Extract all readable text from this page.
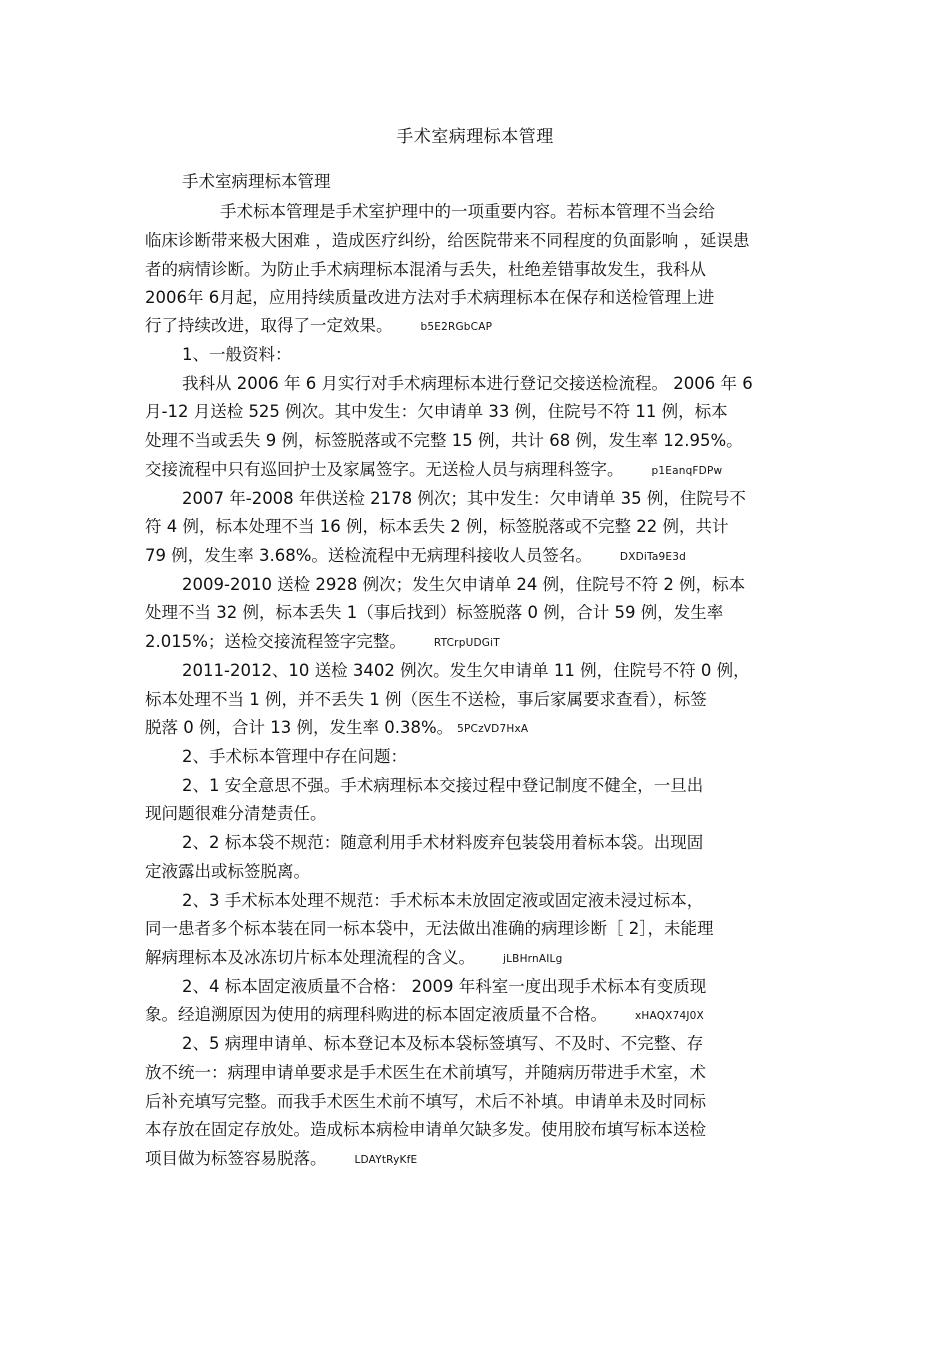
手术室病理标本管理
手术室病理标本管理
手术标本管理是手术室护理中的一项重要内容。若标本管理不当会给
临床诊断带来极大困难 ，造成医疗纠纷，给医院带来不同程度的负面影响 ，延误患
者的病情诊断。为防止手术病理标本混淆与丢失，杜绝差错事故发生，我科从
2006年 6月起，应用持续质量改进方法对手术病理标本在保存和送检管理上进
行了持续改进，取得了一定效果。	b5E2RGbCAP
1、一般资料：
我科从 2006 年 6 月实行对手术病理标本进行登记交接送检流程。 2006 年 6
月-12 月送检 525 例次。其中发生：欠申请单 33 例，住院号不符 11 例，标本
处理不当或丢失 9 例，标签脱落或不完整 15 例，共计 68 例，发生率 12.95%。
交接流程中只有巡回护士及家属签字。无送检人员与病理科签字。	p1EanqFDPw
2007 年-2008 年供送检 2178 例次；其中发生：欠申请单 35 例，住院号不
符 4 例，标本处理不当 16 例，标本丢失 2 例，标签脱落或不完整 22 例，共计
79 例，发生率 3.68%。送检流程中无病理科接收人员签名。	DXDiTa9E3d
2009-2010 送检 2928 例次；发生欠申请单 24 例，住院号不符 2 例，标本
处理不当 32 例，标本丢失 1（事后找到）标签脱落 0 例，合计 59 例，发生率
2.015%；送检交接流程签字完整。	RTCrpUDGiT
2011-2012、10 送检 3402 例次。发生欠申请单 11 例，住院号不符 0 例，
标本处理不当 1 例，并不丢失 1 例（医生不送检，事后家属要求查看），标签
脱落 0 例，合计 13 例，发生率 0.38%。 5PCzVD7HxA
2、手术标本管理中存在问题：
2、1 安全意思不强。手术病理标本交接过程中登记制度不健全，一旦出
现问题很难分清楚责任。
2、2 标本袋不规范：随意利用手术材料废弃包装袋用着标本袋。出现固
定液露出或标签脱离。
2、3 手术标本处理不规范：手术标本未放固定液或固定液未浸过标本，
同一患者多个标本装在同一标本袋中，无法做出准确的病理诊断［ 2］，未能理
解病理标本及冰冻切片标本处理流程的含义。	jLBHrnAILg
2、4 标本固定液质量不合格： 2009 年科室一度出现手术标本有变质现
象。经追溯原因为使用的病理科购进的标本固定液质量不合格。	xHAQX74J0X
2、5 病理申请单、标本登记本及标本袋标签填写、不及时、不完整、存
放不统一：病理申请单要求是手术医生在术前填写，并随病历带进手术室，术
后补充填写完整。而我手术医生术前不填写，术后不补填。申请单未及时同标
本存放在固定存放处。造成标本病检申请单欠缺多发。使用胶布填写标本送检
项目做为标签容易脱落。	LDAYtRyKfE
